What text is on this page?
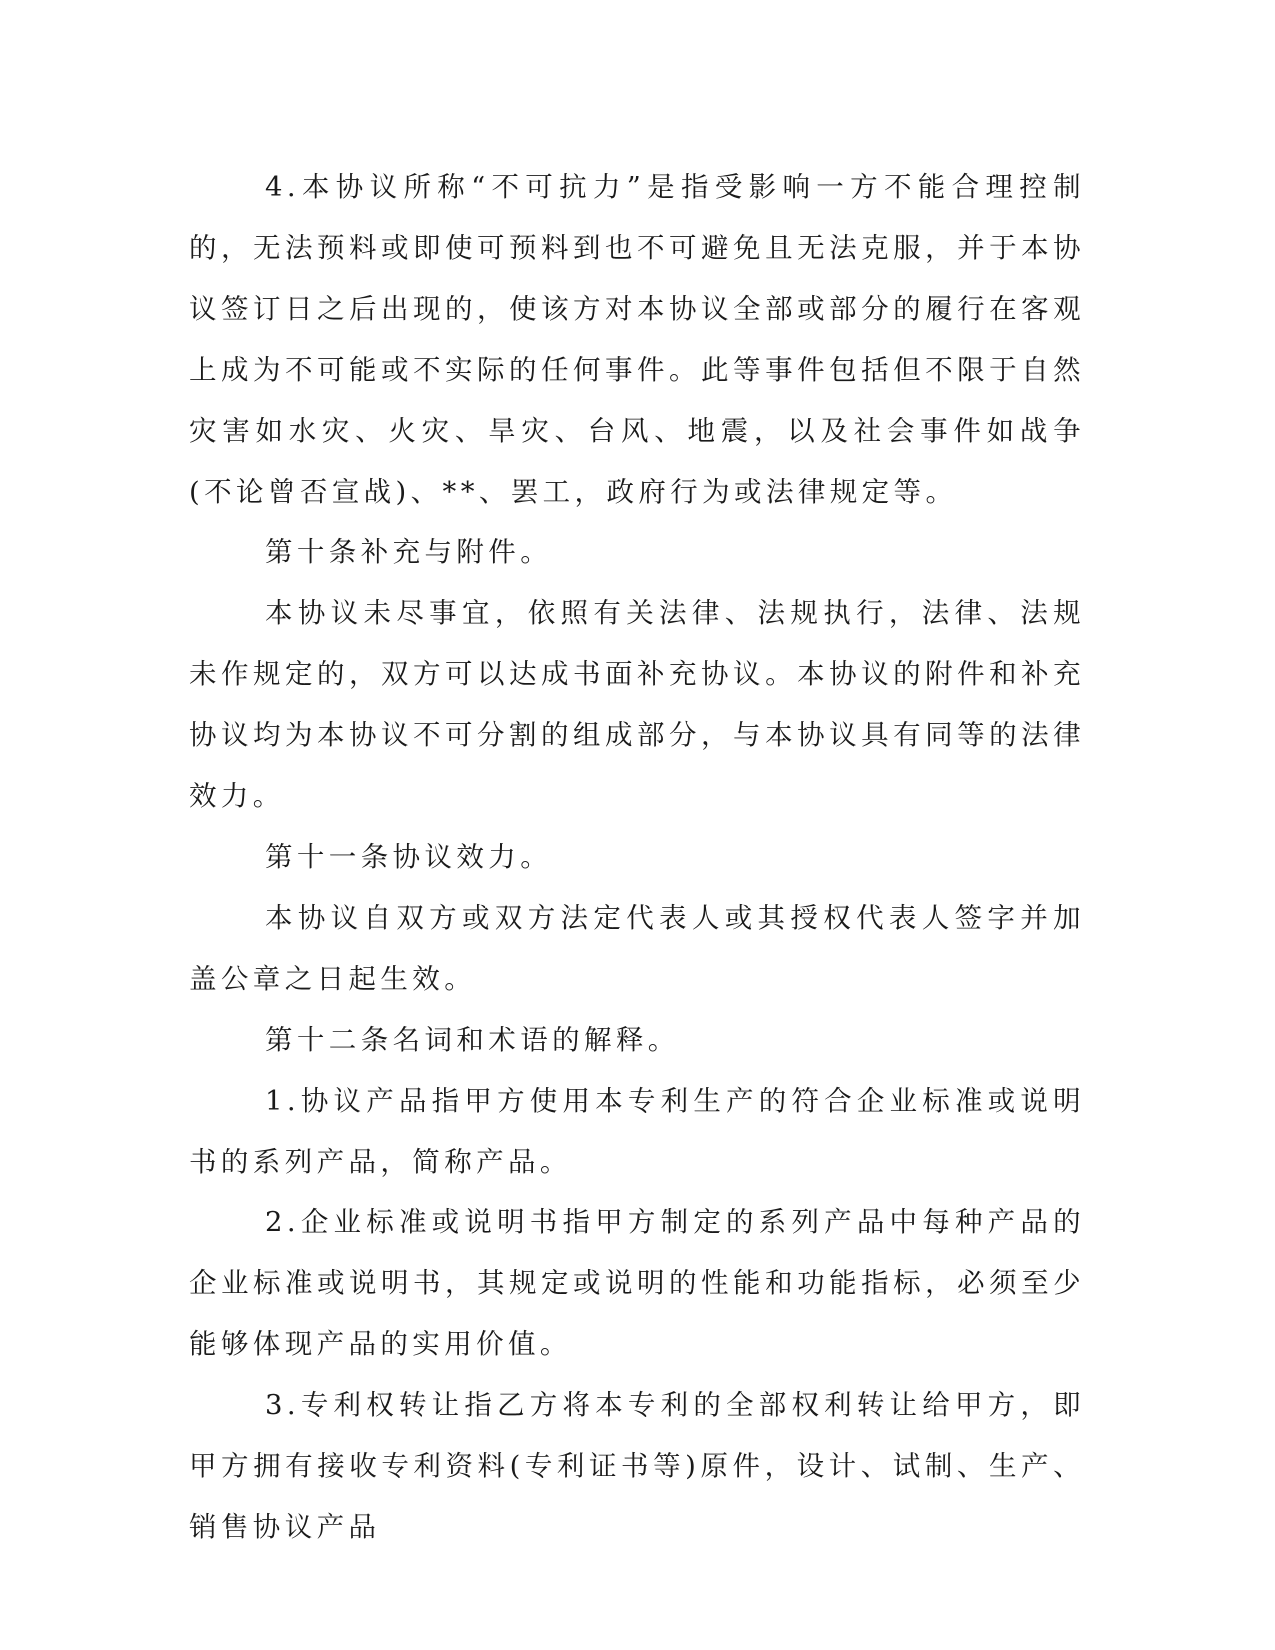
4.本协议所称“不可抗力”是指受影响一方不能合理控制的，无法预料或即使可预料到也不可避免且无法克服，并于本协议签订日之后出现的，使该方对本协议全部或部分的履行在客观上成为不可能或不实际的任何事件。此等事件包括但不限于自然灾害如水灾、火灾、旱灾、台风、地震，以及社会事件如战争(不论曾否宣战)、**、罢工，政府行为或法律规定等。

第十条补充与附件。

本协议未尽事宜，依照有关法律、法规执行，法律、法规未作规定的，双方可以达成书面补充协议。本协议的附件和补充协议均为本协议不可分割的组成部分，与本协议具有同等的法律效力。

第十一条协议效力。

本协议自双方或双方法定代表人或其授权代表人签字并加盖公章之日起生效。

第十二条名词和术语的解释。

1.协议产品指甲方使用本专利生产的符合企业标准或说明书的系列产品，简称产品。

2.企业标准或说明书指甲方制定的系列产品中每种产品的企业标准或说明书，其规定或说明的性能和功能指标，必须至少能够体现产品的实用价值。

3.专利权转让指乙方将本专利的全部权利转让给甲方，即甲方拥有接收专利资料(专利证书等)原件，设计、试制、生产、销售协议产品
